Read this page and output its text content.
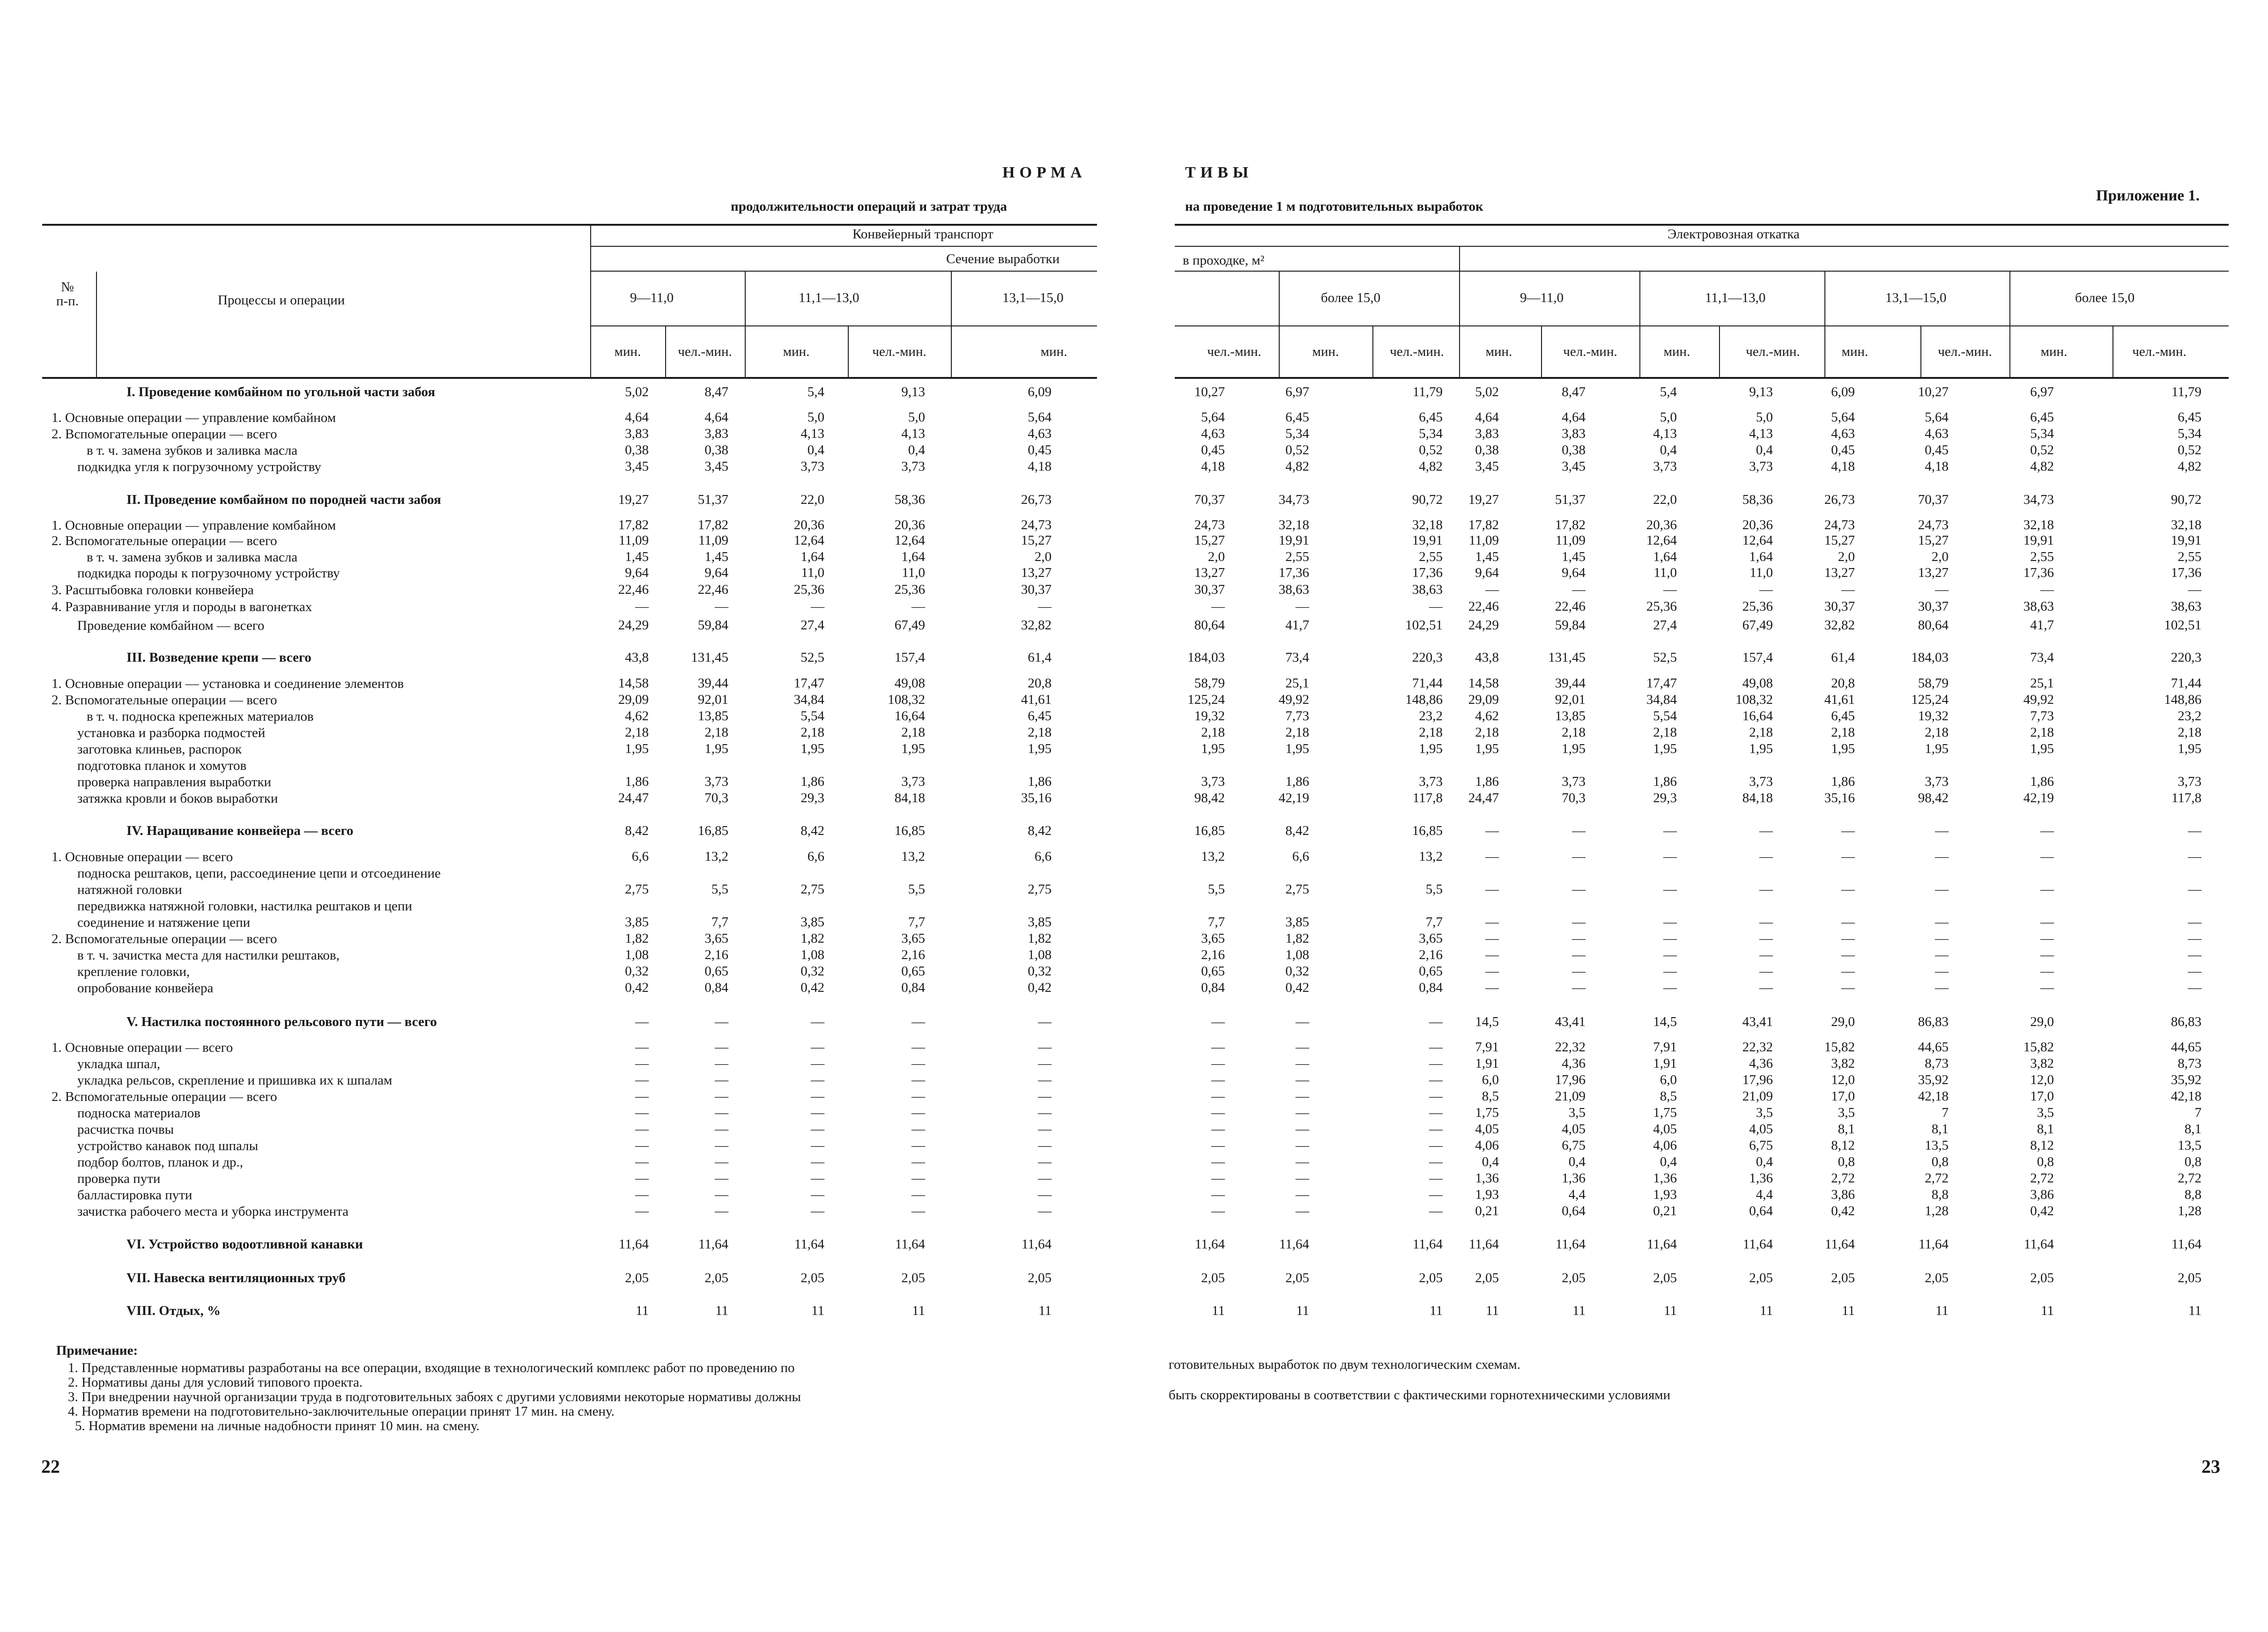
Приложение 1.
НОРМА	ТИВЫ
продолжительности операций и затрат труда	на проведение 1 м подготовительных выработок
№
п-п.	Процессы и операции
Конвейерный транспорт
Сечение выработки	в проходке, м²
Электровозная откатка
9—11,0	11,1—13,0	13,1—15,0	более 15,0	9—11,0	11,1—13,0	13,1—15,0	более 15,0
мин.	чел.-мин.	мин.	чел.-мин.	мин.	чел.-мин.	мин.	чел.-мин.	мин.	чел.-мин.	мин.	чел.-мин.	мин.	чел.-мин.	мин.	чел.-мин.
I. Проведение комбайном по угольной части забоя	5,02	8,47	5,4	9,13	6,09	10,27	6,97	11,79	5,02	8,47	5,4	9,13	6,09	10,27	6,97	11,79
1. Основные операции — управление комбайном	4,64	4,64	5,0	5,0	5,64	5,64	6,45	6,45	4,64	4,64	5,0	5,0	5,64	5,64	6,45	6,45
2. Вспомогательные операции — всего	3,83	3,83	4,13	4,13	4,63	4,63	5,34	5,34	3,83	3,83	4,13	4,13	4,63	4,63	5,34	5,34
в т. ч. замена зубков и заливка масла	0,38	0,38	0,4	0,4	0,45	0,45	0,52	0,52	0,38	0,38	0,4	0,4	0,45	0,45	0,52	0,52
подкидка угля к погрузочному устройству	3,45	3,45	3,73	3,73	4,18	4,18	4,82	4,82	3,45	3,45	3,73	3,73	4,18	4,18	4,82	4,82
II. Проведение комбайном по породней части забоя	19,27	51,37	22,0	58,36	26,73	70,37	34,73	90,72	19,27	51,37	22,0	58,36	26,73	70,37	34,73	90,72
1. Основные операции — управление комбайном	17,82	17,82	20,36	20,36	24,73	24,73	32,18	32,18	17,82	17,82	20,36	20,36	24,73	24,73	32,18	32,18
2. Вспомогательные операции — всего	11,09	11,09	12,64	12,64	15,27	15,27	19,91	19,91	11,09	11,09	12,64	12,64	15,27	15,27	19,91	19,91
в т. ч. замена зубков и заливка масла	1,45	1,45	1,64	1,64	2,0	2,0	2,55	2,55	1,45	1,45	1,64	1,64	2,0	2,0	2,55	2,55
подкидка породы к погрузочному устройству	9,64	9,64	11,0	11,0	13,27	13,27	17,36	17,36	9,64	9,64	11,0	11,0	13,27	13,27	17,36	17,36
3. Расштыбовка головки конвейера	22,46	22,46	25,36	25,36	30,37	30,37	38,63	38,63	—	—	—	—	—	—	—	—
4. Разравнивание угля и породы в вагонетках	—	—	—	—	—	—	—	—	22,46	22,46	25,36	25,36	30,37	30,37	38,63	38,63
Проведение комбайном — всего	24,29	59,84	27,4	67,49	32,82	80,64	41,7	102,51	24,29	59,84	27,4	67,49	32,82	80,64	41,7	102,51
III. Возведение крепи — всего	43,8	131,45	52,5	157,4	61,4	184,03	73,4	220,3	43,8	131,45	52,5	157,4	61,4	184,03	73,4	220,3
1. Основные операции — установка и соединение элементов	14,58	39,44	17,47	49,08	20,8	58,79	25,1	71,44	14,58	39,44	17,47	49,08	20,8	58,79	25,1	71,44
2. Вспомогательные операции — всего	29,09	92,01	34,84	108,32	41,61	125,24	49,92	148,86	29,09	92,01	34,84	108,32	41,61	125,24	49,92	148,86
в т. ч. подноска крепежных материалов	4,62	13,85	5,54	16,64	6,45	19,32	7,73	23,2	4,62	13,85	5,54	16,64	6,45	19,32	7,73	23,2
установка и разборка подмостей	2,18	2,18	2,18	2,18	2,18	2,18	2,18	2,18	2,18	2,18	2,18	2,18	2,18	2,18	2,18	2,18
заготовка клиньев, распорок	1,95	1,95	1,95	1,95	1,95	1,95	1,95	1,95	1,95	1,95	1,95	1,95	1,95	1,95	1,95	1,95
подготовка планок и хомутов
проверка направления выработки	1,86	3,73	1,86	3,73	1,86	3,73	1,86	3,73	1,86	3,73	1,86	3,73	1,86	3,73	1,86	3,73
затяжка кровли и боков выработки	24,47	70,3	29,3	84,18	35,16	98,42	42,19	117,8	24,47	70,3	29,3	84,18	35,16	98,42	42,19	117,8
IV. Наращивание конвейера — всего	8,42	16,85	8,42	16,85	8,42	16,85	8,42	16,85	—	—	—	—	—	—	—	—
1. Основные операции — всего	6,6	13,2	6,6	13,2	6,6	13,2	6,6	13,2	—	—	—	—	—	—	—	—
подноска рештаков, цепи, рассоединение цепи и отсоединение
натяжной головки	2,75	5,5	2,75	5,5	2,75	5,5	2,75	5,5	—	—	—	—	—	—	—	—
передвижка натяжной головки, настилка рештаков и цепи
соединение и натяжение цепи	3,85	7,7	3,85	7,7	3,85	7,7	3,85	7,7	—	—	—	—	—	—	—	—
2. Вспомогательные операции — всего	1,82	3,65	1,82	3,65	1,82	3,65	1,82	3,65	—	—	—	—	—	—	—	—
в т. ч. зачистка места для настилки рештаков,	1,08	2,16	1,08	2,16	1,08	2,16	1,08	2,16	—	—	—	—	—	—	—	—
крепление головки,	0,32	0,65	0,32	0,65	0,32	0,65	0,32	0,65	—	—	—	—	—	—	—	—
опробование конвейера	0,42	0,84	0,42	0,84	0,42	0,84	0,42	0,84	—	—	—	—	—	—	—	—
V. Настилка постоянного рельсового пути — всего	—	—	—	—	—	—	—	—	14,5	43,41	14,5	43,41	29,0	86,83	29,0	86,83
1. Основные операции — всего	—	—	—	—	—	—	—	—	7,91	22,32	7,91	22,32	15,82	44,65	15,82	44,65
укладка шпал,	—	—	—	—	—	—	—	—	1,91	4,36	1,91	4,36	3,82	8,73	3,82	8,73
укладка рельсов, скрепление и пришивка их к шпалам	—	—	—	—	—	—	—	—	6,0	17,96	6,0	17,96	12,0	35,92	12,0	35,92
2. Вспомогательные операции — всего	—	—	—	—	—	—	—	—	8,5	21,09	8,5	21,09	17,0	42,18	17,0	42,18
подноска материалов	—	—	—	—	—	—	—	—	1,75	3,5	1,75	3,5	3,5	7	3,5	7
расчистка почвы	—	—	—	—	—	—	—	—	4,05	4,05	4,05	4,05	8,1	8,1	8,1	8,1
устройство канавок под шпалы	—	—	—	—	—	—	—	—	4,06	6,75	4,06	6,75	8,12	13,5	8,12	13,5
подбор болтов, планок и др.,	—	—	—	—	—	—	—	—	0,4	0,4	0,4	0,4	0,8	0,8	0,8	0,8
проверка пути	—	—	—	—	—	—	—	—	1,36	1,36	1,36	1,36	2,72	2,72	2,72	2,72
балластировка пути	—	—	—	—	—	—	—	—	1,93	4,4	1,93	4,4	3,86	8,8	3,86	8,8
зачистка рабочего места и уборка инструмента	—	—	—	—	—	—	—	—	0,21	0,64	0,21	0,64	0,42	1,28	0,42	1,28
VI. Устройство водоотливной канавки	11,64	11,64	11,64	11,64	11,64	11,64	11,64	11,64	11,64	11,64	11,64	11,64	11,64	11,64	11,64	11,64
VII. Навеска вентиляционных труб	2,05	2,05	2,05	2,05	2,05	2,05	2,05	2,05	2,05	2,05	2,05	2,05	2,05	2,05	2,05	2,05
VIII. Отдых, %	11	11	11	11	11	11	11	11	11	11	11	11	11	11	11	11
Примечание:
1. Представленные нормативы разработаны на все операции, входящие в технологический комплекс работ по проведению по
2. Нормативы даны для условий типового проекта.
3. При внедрении научной организации труда в подготовительных забоях с другими условиями некоторые нормативы должны
4. Норматив времени на подготовительно-заключительные операции принят 17 мин. на смену.
5. Норматив времени на личные надобности принят 10 мин. на смену.
готовительных выработок по двум технологическим схемам.
быть скорректированы в соответствии с фактическими горнотехническими условиями
22	23
